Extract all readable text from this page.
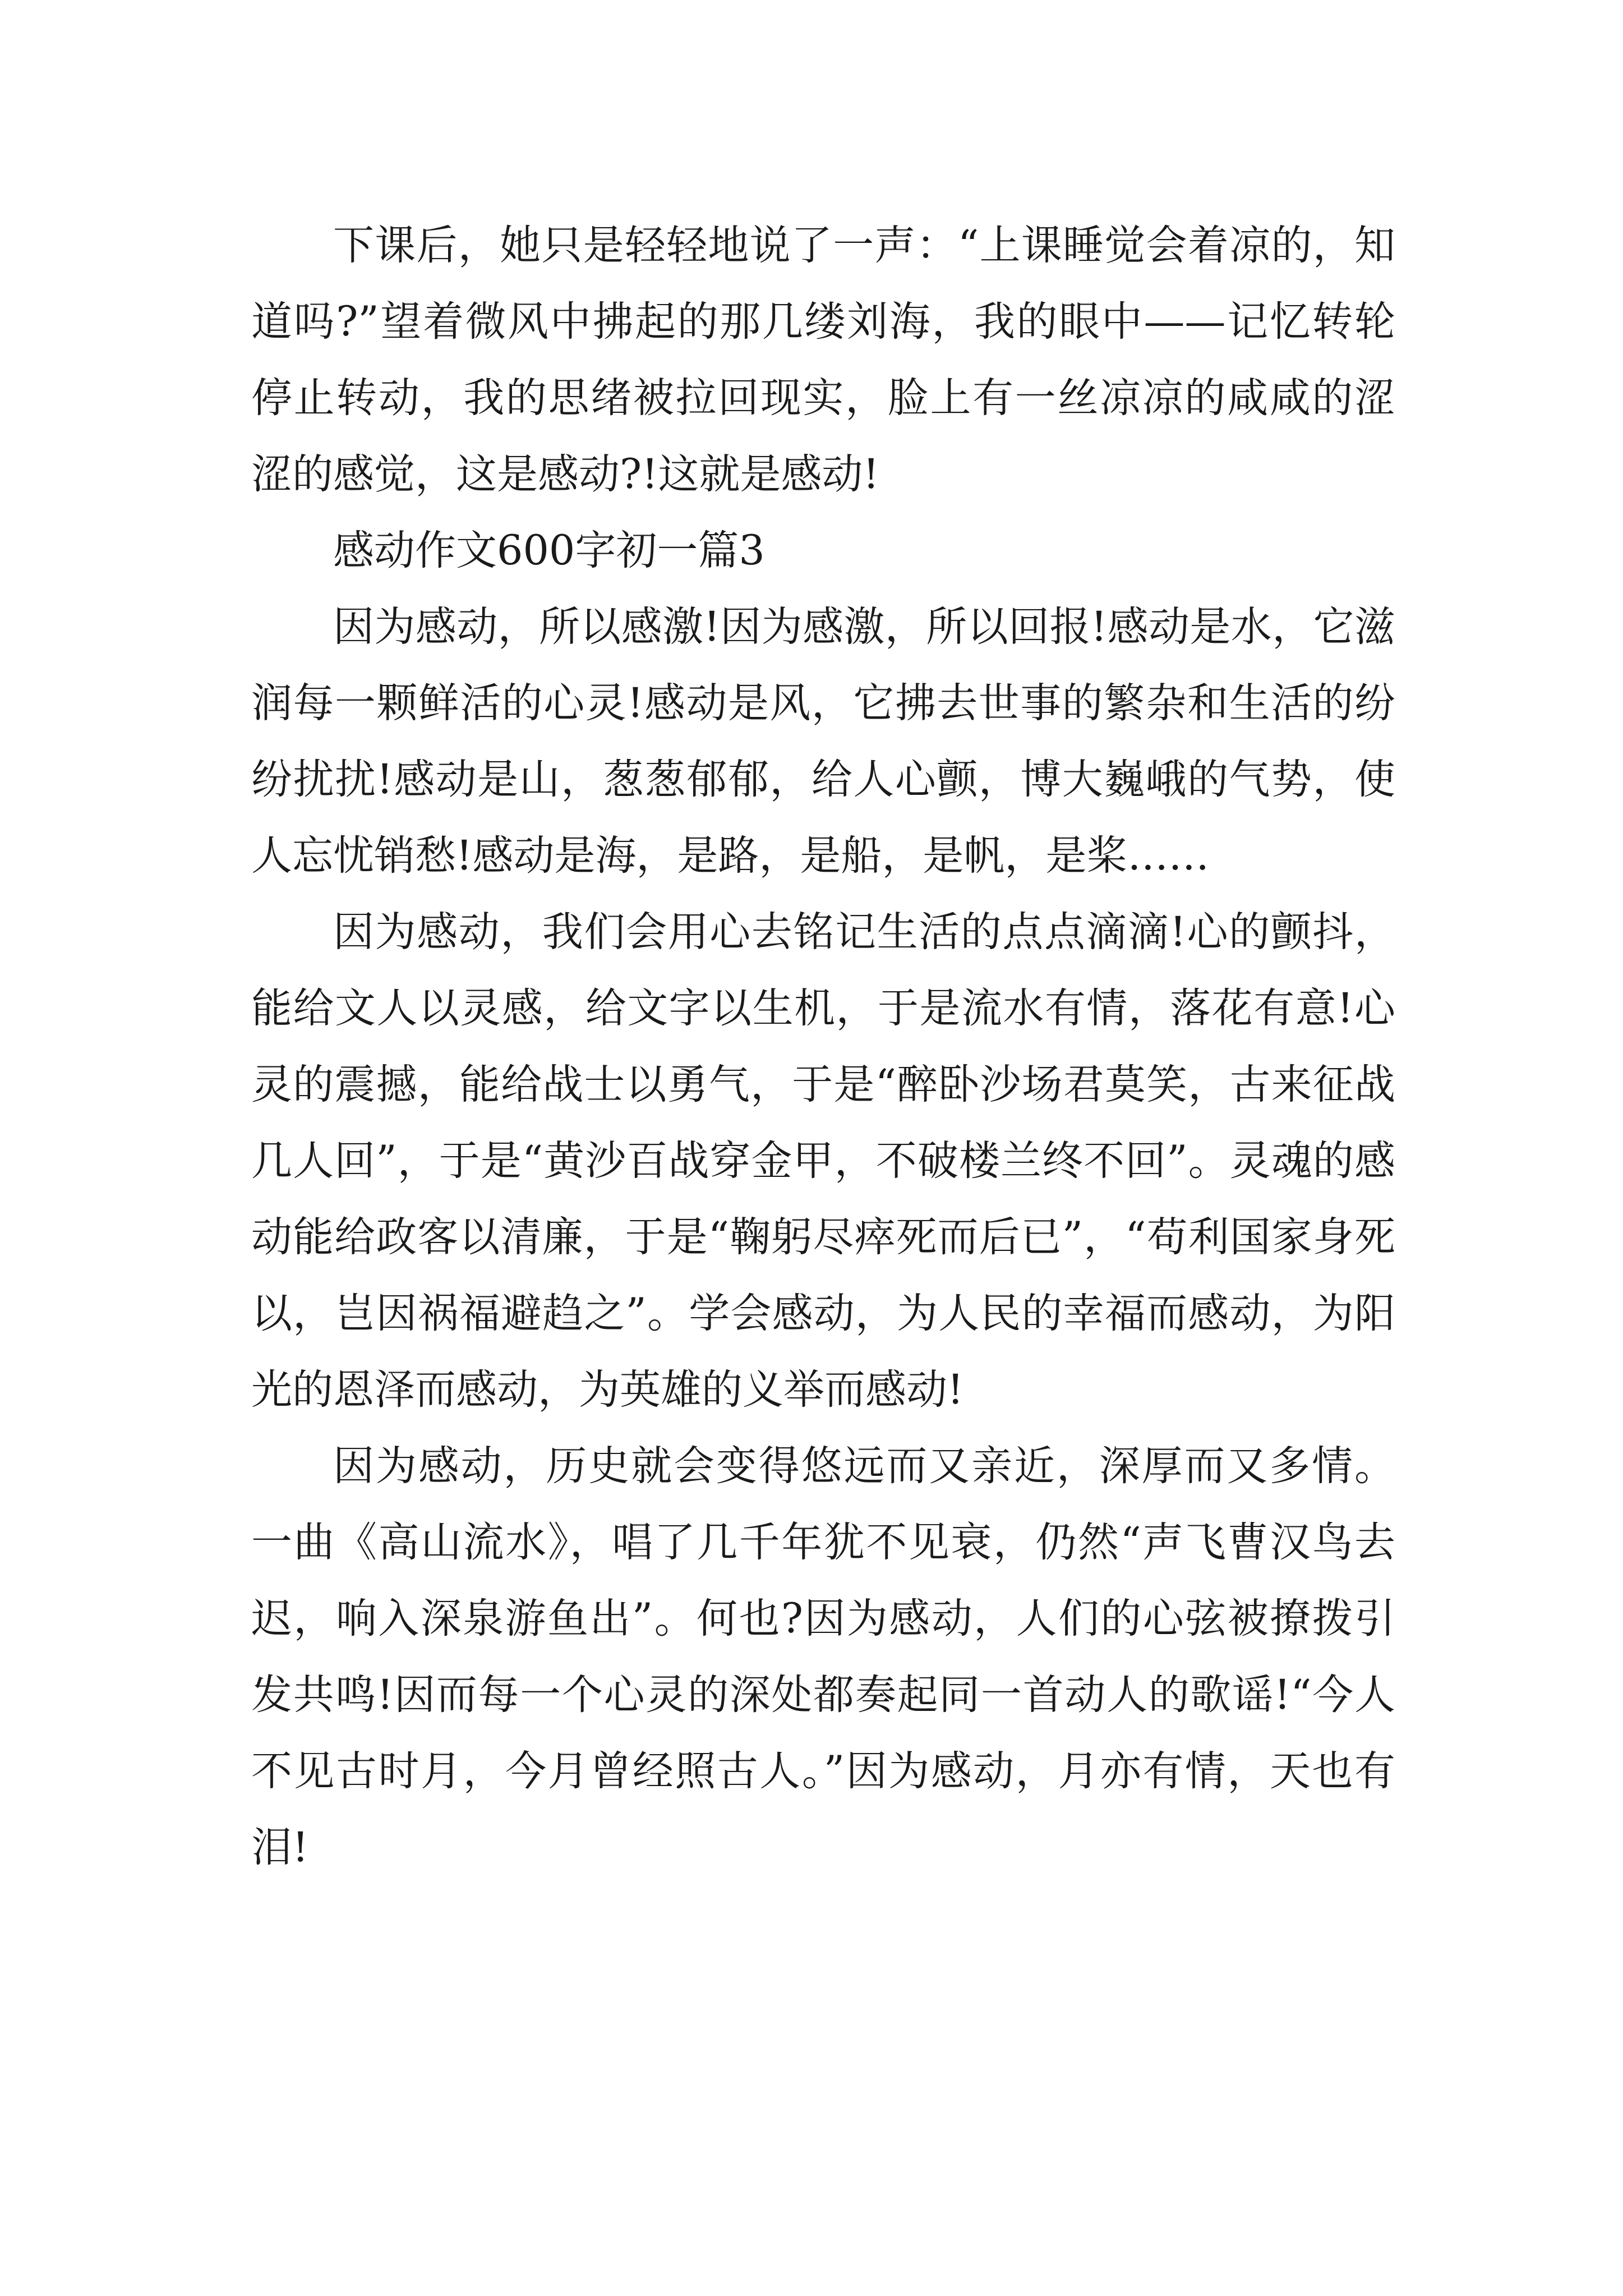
下课后，她只是轻轻地说了一声：“上课睡觉会着凉的，知道吗?”望着微风中拂起的那几缕刘海，我的眼中——记忆转轮停止转动，我的思绪被拉回现实，脸上有一丝凉凉的咸咸的涩涩的感觉，这是感动?!这就是感动!

感动作文600字初一篇3

因为感动，所以感激!因为感激，所以回报!感动是水，它滋润每一颗鲜活的心灵!感动是风，它拂去世事的繁杂和生活的纷纷扰扰!感动是山，葱葱郁郁，给人心颤，博大巍峨的气势，使人忘忧销愁!感动是海，是路，是船，是帆，是桨……

因为感动，我们会用心去铭记生活的点点滴滴!心的颤抖，能给文人以灵感，给文字以生机，于是流水有情，落花有意!心灵的震撼，能给战士以勇气，于是“醉卧沙场君莫笑，古来征战几人回”，于是“黄沙百战穿金甲，不破楼兰终不回”。灵魂的感动能给政客以清廉，于是“鞠躬尽瘁死而后已”，“苟利国家身死以，岂因祸福避趋之”。学会感动，为人民的幸福而感动，为阳光的恩泽而感动，为英雄的义举而感动!

因为感动，历史就会变得悠远而又亲近，深厚而又多情。一曲《高山流水》，唱了几千年犹不见衰，仍然“声飞曹汉鸟去迟，响入深泉游鱼出”。何也?因为感动，人们的心弦被撩拨引发共鸣!因而每一个心灵的深处都奏起同一首动人的歌谣!“今人不见古时月，今月曾经照古人。”因为感动，月亦有情，天也有泪!
